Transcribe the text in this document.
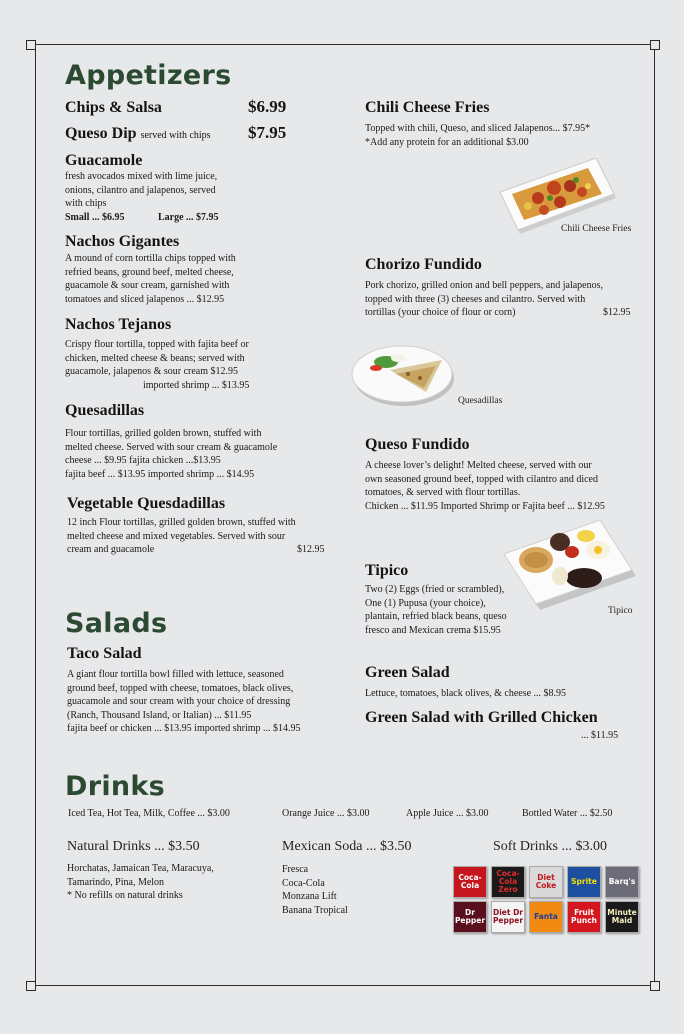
Appetizers
Chips & Salsa	$6.99
Queso Dip served with chips $7.95
Guacamole
fresh avocados mixed with lime juice,
onions, cilantro and jalapenos, served
with chips
Small ... $6.95	Large ... $7.95
Nachos Gigantes
A mound of corn tortilla chips topped with
refried beans, ground beef, melted cheese,
guacamole & sour cream, garnished with
tomatoes and sliced jalapenos ... $12.95
Nachos Tejanos
Crispy flour tortilla, topped with fajita beef or
chicken, melted cheese & beans; served with
guacamole, jalapenos & sour cream $12.95
imported shrimp ... $13.95
Quesadillas
Flour tortillas, grilled golden brown, stuffed with
melted cheese. Served with sour cream & guacamole
cheese ... $9.95 fajita chicken ...$13.95
fajita beef ... $13.95 imported shrimp ... $14.95
Vegetable Quesdadillas
12 inch Flour tortillas, grilled golden brown, stuffed with
melted cheese and mixed vegetables. Served with sour
cream and guacamole	$12.95
Chili Cheese Fries
Topped with chili, Queso, and sliced Jalapenos... $7.95*
*Add any protein for an additional $3.00
Chili Cheese Fries
Chorizo Fundido
Pork chorizo, grilled onion and bell peppers, and jalapenos,
topped with three (3) cheeses and cilantro. Served with
tortillas (your choice of flour or corn)	$12.95
Quesadillas
Queso Fundido
A cheese lover’s delight! Melted cheese, served with our
own seasoned ground beef, topped with cilantro and diced
tomatoes, & served with flour tortillas.
Chicken ... $11.95 Imported Shrimp or Fajita beef ... $12.95
Tipico
Tipico
Two (2) Eggs (fried or scrambled),
One (1) Pupusa (your choice),
plantain, refried black beans, queso
fresco and Mexican crema $15.95
Salads
Taco Salad
A giant flour tortilla bowl filled with lettuce, seasoned
ground beef, topped with cheese, tomatoes, black olives,
guacamole and sour cream with your choice of dressing
(Ranch, Thousand Island, or Italian) ... $11.95
fajita beef or chicken ... $13.95 imported shrimp ... $14.95
Green Salad
Lettuce, tomatoes, black olives, & cheese ... $8.95
Green Salad with Grilled Chicken
... $11.95
Drinks
Iced Tea, Hot Tea, Milk, Coffee ... $3.00	Orange Juice ... $3.00	Apple Juice ... $3.00	Bottled Water ... $2.50
Natural Drinks ... $3.50
Horchatas, Jamaican Tea, Maracuya,
Tamarindo, Pina, Melon
* No refills on natural drinks
Mexican Soda ... $3.50
Fresca
Coca-Cola
Monzana Lift
Banana Tropical
Soft Drinks ... $3.00
Coca-Cola
Coca-Cola Zero
Diet Coke	Sprite	Barq's
Dr Pepper
Diet Dr Pepper	Fanta	Fruit Punch
Minute Maid
